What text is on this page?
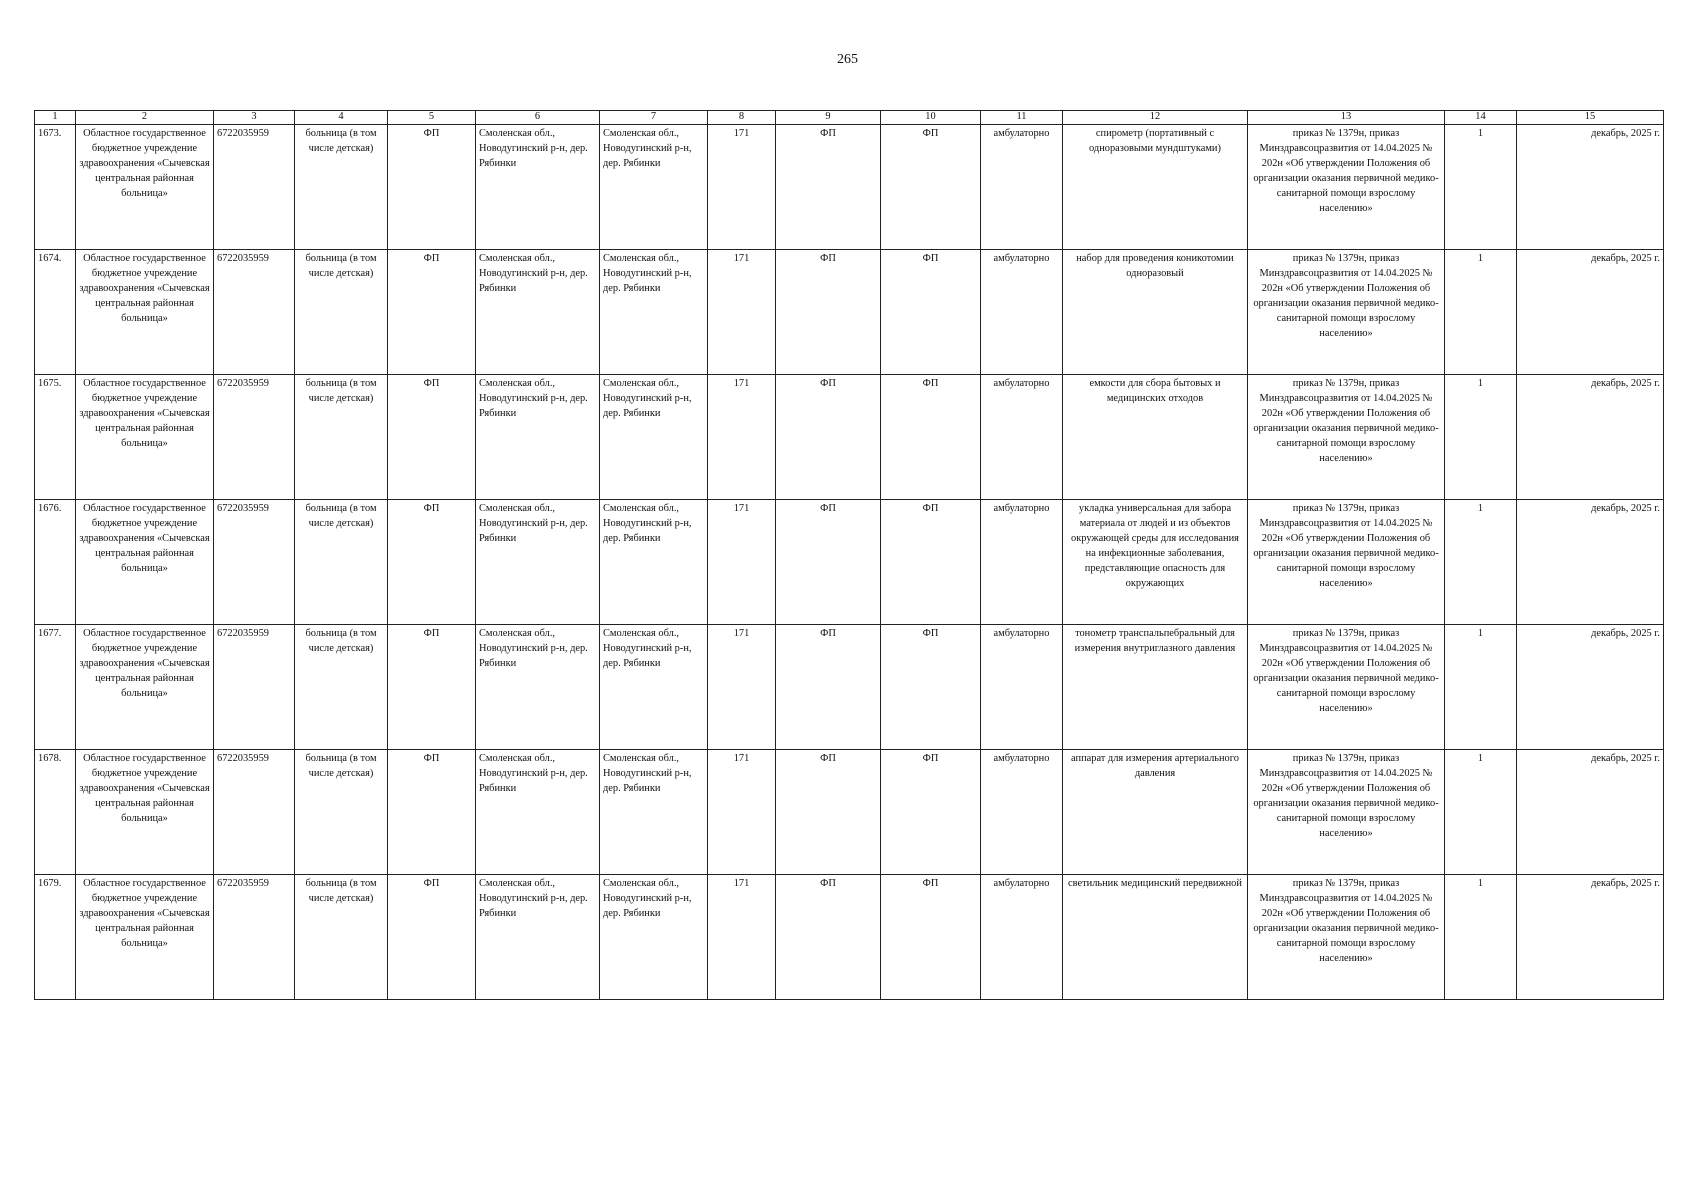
265
1	2	3	4	5	6	7	8	9	10	11	12	13	14	15
1673.	Областное государственное бюджетное учреждение здравоохранения «Сычевская центральная районная больница»	6722035959	больница (в том числе детская)	ФП	Смоленская обл., Новодугинский р-н, дер. Рябинки	Смоленская обл., Новодугинский р-н, дер. Рябинки	171	ФП	ФП	амбулаторно	спирометр (портативный с одноразовыми мундштуками)	приказ № 1379н, приказ Минздравсоцразвития от 14.04.2025 № 202н «Об утверждении Положения об организации оказания первичной медико-санитарной помощи взрослому населению»	1	декабрь, 2025 г.
1674.	Областное государственное бюджетное учреждение здравоохранения «Сычевская центральная районная больница»	6722035959	больница (в том числе детская)	ФП	Смоленская обл., Новодугинский р-н, дер. Рябинки	Смоленская обл., Новодугинский р-н, дер. Рябинки	171	ФП	ФП	амбулаторно	набор для проведения коникотомии одноразовый	приказ № 1379н, приказ Минздравсоцразвития от 14.04.2025 № 202н «Об утверждении Положения об организации оказания первичной медико-санитарной помощи взрослому населению»	1	декабрь, 2025 г.
1675.	Областное государственное бюджетное учреждение здравоохранения «Сычевская центральная районная больница»	6722035959	больница (в том числе детская)	ФП	Смоленская обл., Новодугинский р-н, дер. Рябинки	Смоленская обл., Новодугинский р-н, дер. Рябинки	171	ФП	ФП	амбулаторно	емкости для сбора бытовых и медицинских отходов	приказ № 1379н, приказ Минздравсоцразвития от 14.04.2025 № 202н «Об утверждении Положения об организации оказания первичной медико-санитарной помощи взрослому населению»	1	декабрь, 2025 г.
1676.	Областное государственное бюджетное учреждение здравоохранения «Сычевская центральная районная больница»	6722035959	больница (в том числе детская)	ФП	Смоленская обл., Новодугинский р-н, дер. Рябинки	Смоленская обл., Новодугинский р-н, дер. Рябинки	171	ФП	ФП	амбулаторно	укладка универсальная для забора материала от людей и из объектов окружающей среды для исследования на инфекционные заболевания, представляющие опасность для окружающих	приказ № 1379н, приказ Минздравсоцразвития от 14.04.2025 № 202н «Об утверждении Положения об организации оказания первичной медико-санитарной помощи взрослому населению»	1	декабрь, 2025 г.
1677.	Областное государственное бюджетное учреждение здравоохранения «Сычевская центральная районная больница»	6722035959	больница (в том числе детская)	ФП	Смоленская обл., Новодугинский р-н, дер. Рябинки	Смоленская обл., Новодугинский р-н, дер. Рябинки	171	ФП	ФП	амбулаторно	тонометр транспальпебральный для измерения внутриглазного давления	приказ № 1379н, приказ Минздравсоцразвития от 14.04.2025 № 202н «Об утверждении Положения об организации оказания первичной медико-санитарной помощи взрослому населению»	1	декабрь, 2025 г.
1678.	Областное государственное бюджетное учреждение здравоохранения «Сычевская центральная районная больница»	6722035959	больница (в том числе детская)	ФП	Смоленская обл., Новодугинский р-н, дер. Рябинки	Смоленская обл., Новодугинский р-н, дер. Рябинки	171	ФП	ФП	амбулаторно	аппарат для измерения артериального давления	приказ № 1379н, приказ Минздравсоцразвития от 14.04.2025 № 202н «Об утверждении Положения об организации оказания первичной медико-санитарной помощи взрослому населению»	1	декабрь, 2025 г.
1679.	Областное государственное бюджетное учреждение здравоохранения «Сычевская центральная районная больница»	6722035959	больница (в том числе детская)	ФП	Смоленская обл., Новодугинский р-н, дер. Рябинки	Смоленская обл., Новодугинский р-н, дер. Рябинки	171	ФП	ФП	амбулаторно	светильник медицинский передвижной	приказ № 1379н, приказ Минздравсоцразвития от 14.04.2025 № 202н «Об утверждении Положения об организации оказания первичной медико-санитарной помощи взрослому населению»	1	декабрь, 2025 г.
